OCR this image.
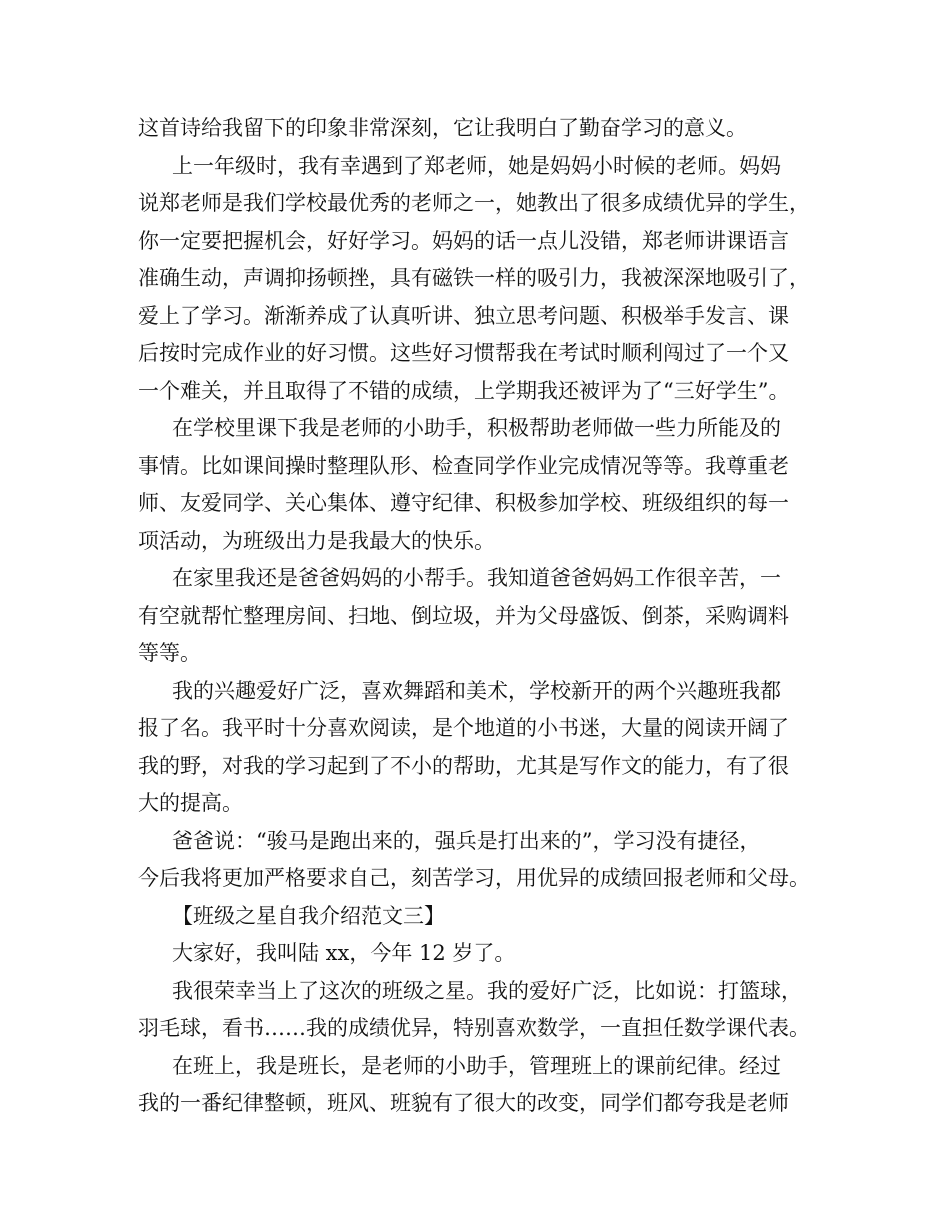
这首诗给我留下的印象非常深刻，它让我明白了勤奋学习的意义。
上一年级时，我有幸遇到了郑老师，她是妈妈小时候的老师。妈妈
说郑老师是我们学校最优秀的老师之一，她教出了很多成绩优异的学生，
你一定要把握机会，好好学习。妈妈的话一点儿没错，郑老师讲课语言
准确生动，声调抑扬顿挫，具有磁铁一样的吸引力，我被深深地吸引了，
爱上了学习。渐渐养成了认真听讲、独立思考问题、积极举手发言、课
后按时完成作业的好习惯。这些好习惯帮我在考试时顺利闯过了一个又
一个难关，并且取得了不错的成绩，上学期我还被评为了“三好学生”。
在学校里课下我是老师的小助手，积极帮助老师做一些力所能及的
事情。比如课间操时整理队形、检查同学作业完成情况等等。我尊重老
师、友爱同学、关心集体、遵守纪律、积极参加学校、班级组织的每一
项活动，为班级出力是我最大的快乐。
在家里我还是爸爸妈妈的小帮手。我知道爸爸妈妈工作很辛苦，一
有空就帮忙整理房间、扫地、倒垃圾，并为父母盛饭、倒茶，采购调料
等等。
我的兴趣爱好广泛，喜欢舞蹈和美术，学校新开的两个兴趣班我都
报了名。我平时十分喜欢阅读，是个地道的小书迷，大量的阅读开阔了
我的野，对我的学习起到了不小的帮助，尤其是写作文的能力，有了很
大的提高。
爸爸说：“骏马是跑出来的，强兵是打出来的”，学习没有捷径，
今后我将更加严格要求自己，刻苦学习，用优异的成绩回报老师和父母。
【班级之星自我介绍范文三】
大家好，我叫陆 xx，今年 12 岁了。
我很荣幸当上了这次的班级之星。我的爱好广泛，比如说：打篮球，
羽毛球，看书……我的成绩优异，特别喜欢数学，一直担任数学课代表。
在班上，我是班长，是老师的小助手，管理班上的课前纪律。经过
我的一番纪律整顿，班风、班貌有了很大的改变，同学们都夸我是老师
